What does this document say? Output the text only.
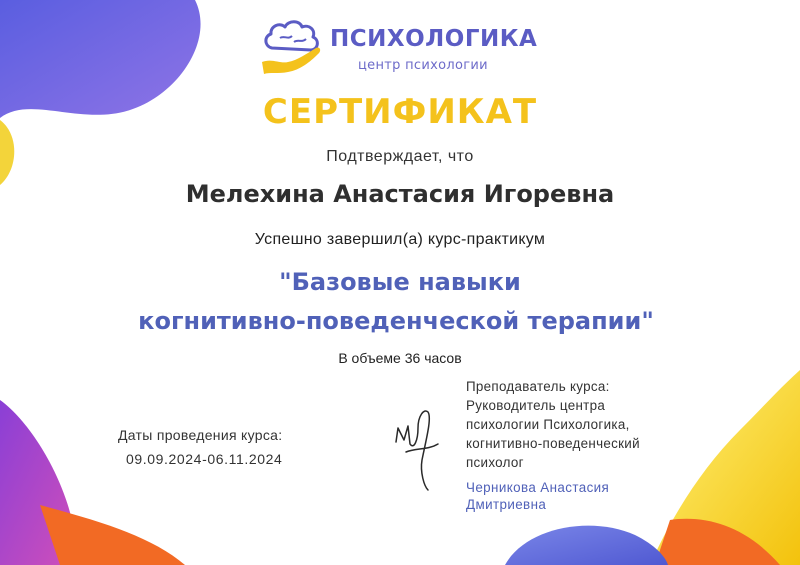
ПСИХОЛОГИКА
центр психологии
СЕРТИФИКАТ
Подтверждает, что
Мелехина Анастасия Игоревна
Успешно завершил(а) курс-практикум
"Базовые навыки
когнитивно-поведенческой терапии"
В объеме 36 часов
Даты проведения курса:
09.09.2024-06.11.2024
Преподаватель курса:
Руководитель центра
психологии Психологика,
когнитивно-поведенческий
психолог
Черникова Анастасия
Дмитриевна
